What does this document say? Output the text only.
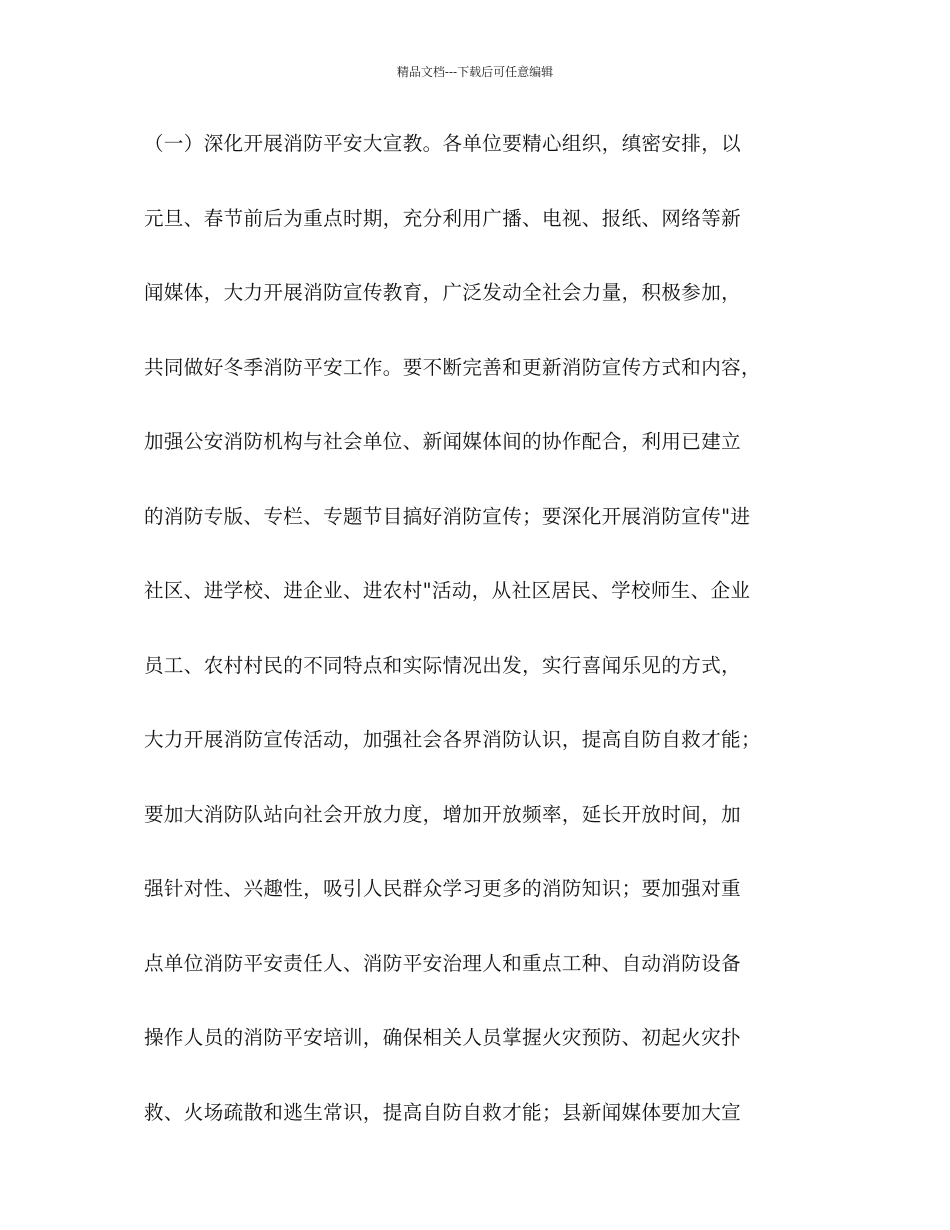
精品文档---下载后可任意编辑
（一）深化开展消防平安大宣教。各单位要精心组织，缜密安排，以
元旦、春节前后为重点时期，充分利用广播、电视、报纸、网络等新
闻媒体，大力开展消防宣传教育，广泛发动全社会力量，积极参加，
共同做好冬季消防平安工作。要不断完善和更新消防宣传方式和内容，
加强公安消防机构与社会单位、新闻媒体间的协作配合，利用已建立
的消防专版、专栏、专题节目搞好消防宣传；要深化开展消防宣传"进
社区、进学校、进企业、进农村"活动，从社区居民、学校师生、企业
员工、农村村民的不同特点和实际情况出发，实行喜闻乐见的方式，
大力开展消防宣传活动，加强社会各界消防认识，提高自防自救才能；
要加大消防队站向社会开放力度，增加开放频率，延长开放时间，加
强针对性、兴趣性，吸引人民群众学习更多的消防知识；要加强对重
点单位消防平安责任人、消防平安治理人和重点工种、自动消防设备
操作人员的消防平安培训，确保相关人员掌握火灾预防、初起火灾扑
救、火场疏散和逃生常识，提高自防自救才能；县新闻媒体要加大宣
